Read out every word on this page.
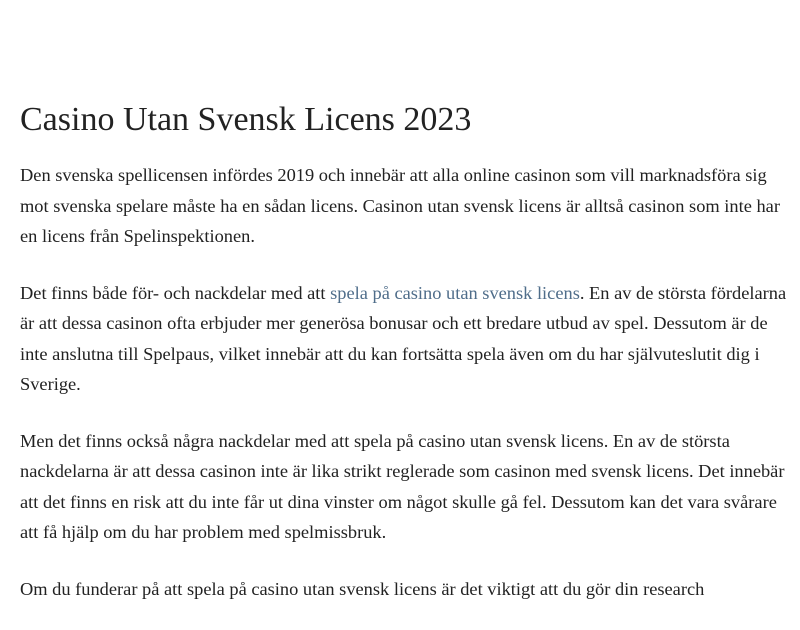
Casino Utan Svensk Licens 2023

Den svenska spellicensen infördes 2019 och innebär att alla online casinon som vill marknadsföra sig mot svenska spelare måste ha en sådan licens. Casinon utan svensk licens är alltså casinon som inte har en licens från Spelinspektionen.

Det finns både för- och nackdelar med att spela på casino utan svensk licens. En av de största fördelarna är att dessa casinon ofta erbjuder mer generösa bonusar och ett bredare utbud av spel. Dessutom är de inte anslutna till Spelpaus, vilket innebär att du kan fortsätta spela även om du har självuteslutit dig i Sverige.

Men det finns också några nackdelar med att spela på casino utan svensk licens. En av de största nackdelarna är att dessa casinon inte är lika strikt reglerade som casinon med svensk licens. Det innebär att det finns en risk att du inte får ut dina vinster om något skulle gå fel. Dessutom kan det vara svårare att få hjälp om du har problem med spelmissbruk.

Om du funderar på att spela på casino utan svensk licens är det viktigt att du gör din research
